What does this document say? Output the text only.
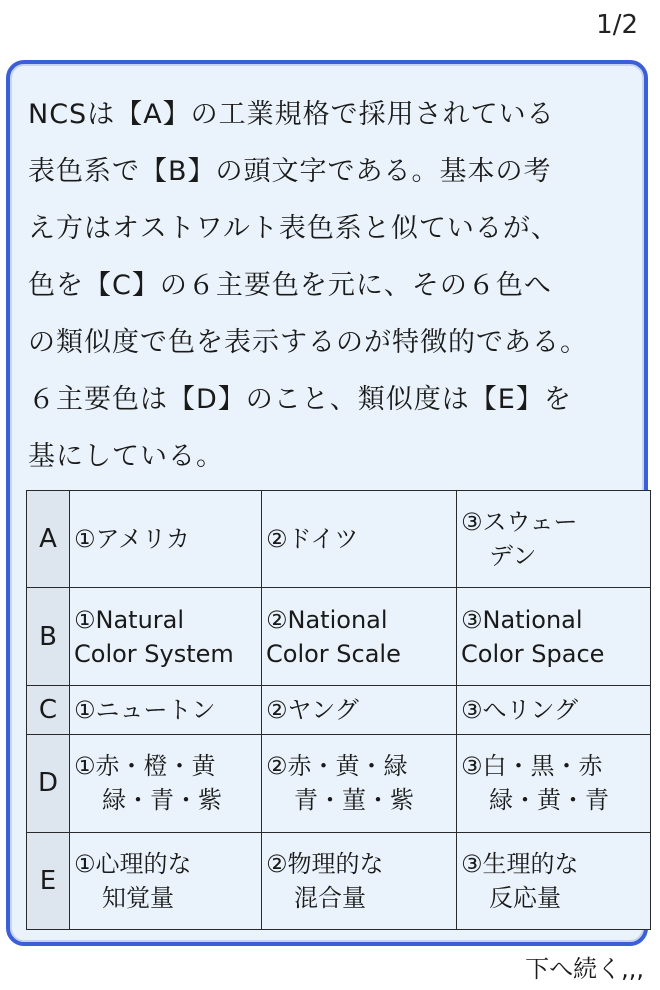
1/2
NCSは【A】の工業規格で採用されている
表色系で【B】の頭文字である。基本の考
え方はオストワルト表色系と似ているが、
色を【C】の６主要色を元に、その６色へ
の類似度で色を表示するのが特徴的である。
６主要色は【D】のこと、類似度は【E】を
基にしている。
A	①アメリカ	②ドイツ	③スウェー
デン

B	①Natural
Color System	②National
Color Scale	③National
Color Space

C	①ニュートン	②ヤング	③へリング

D	①赤・橙・黄
緑・青・紫	②赤・黄・緑
青・菫・紫	③白・黒・赤
緑・黄・青

E	①心理的な
知覚量	②物理的な
混合量	③生理的な
反応量
下へ続く,,,
